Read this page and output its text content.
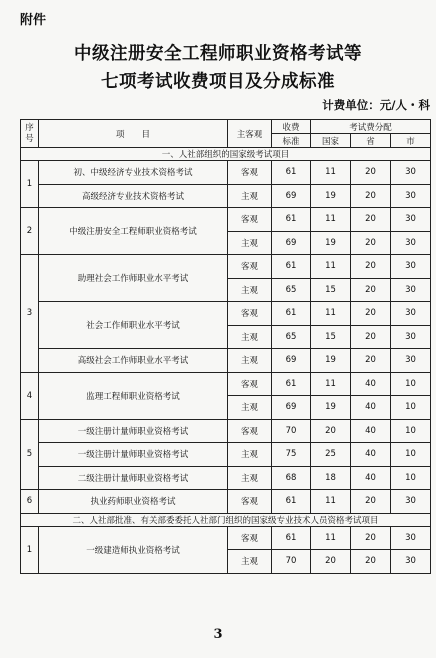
附件
中级注册安全工程师职业资格考试等
七项考试收费项目及分成标准
计费单位：元/人・科
序
号	项　　目	主客观	收费	考试费分配		
			标准	国家	省	市
一、人社部组织的国家级考试项目						
1	初、中级经济专业技术资格考试	客观	61	11	20	30
	高级经济专业技术资格考试	主观	69	19	20	30
2	中级注册安全工程师职业资格考试	客观	61	11	20	30
		主观	69	19	20	30
3	助理社会工作师职业水平考试	客观	61	11	20	30
		主观	65	15	20	30
	社会工作师职业水平考试	客观	61	11	20	30
		主观	65	15	20	30
	高级社会工作师职业水平考试	主观	69	19	20	30
4	监理工程师职业资格考试	客观	61	11	40	10
		主观	69	19	40	10
5	一级注册计量师职业资格考试	客观	70	20	40	10
	一级注册计量师职业资格考试	主观	75	25	40	10
	二级注册计量师职业资格考试	主观	68	18	40	10
6	执业药师职业资格考试	客观	61	11	20	30
二、人社部批准、有关部委委托人社部门组织的国家级专业技术人员资格考试项目						
1	一级建造师执业资格考试	客观	61	11	20	30
		主观	70	20	20	30
3
